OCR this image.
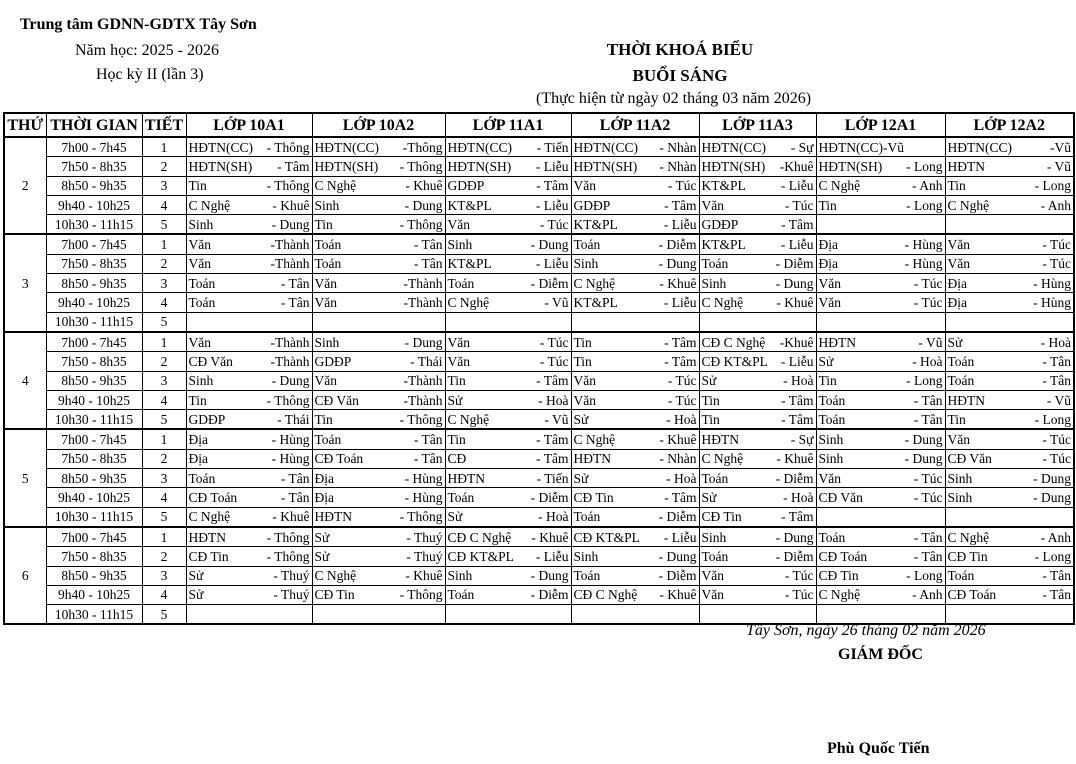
Trung tâm GDNN-GDTX Tây Sơn
Năm học: 2025 - 2026
Học kỳ II (lần 3)
THỜI KHOÁ BIỂU
BUỔI SÁNG
(Thực hiện từ ngày 02 tháng 03 năm 2026)
THỨ	THỜI GIAN	TIẾT	LỚP 10A1	LỚP 10A2	LỚP 11A1	LỚP 11A2	LỚP 11A3	LỚP 12A1	LỚP 12A2
2	7h00 - 7h45	1	HĐTN(CC) - Thông	HĐTN(CC) -Thông	HĐTN(CC) - Tiến	HĐTN(CC) - Nhàn	HĐTN(CC) - Sự	HĐTN(CC)-Vũ	HĐTN(CC) -Vũ

	7h50 - 8h35	2	HĐTN(SH) - Tâm	HĐTN(SH) - Thông	HĐTN(SH) - Liễu	HĐTN(SH) - Nhàn	HĐTN(SH) -Khuê	HĐTN(SH) - Long	HĐTN - Vũ

	8h50 - 9h35	3	Tin - Thông	C Nghệ - Khuê	GDĐP - Tâm	Văn - Túc	KT&PL - Liễu	C Nghệ - Anh	Tin - Long

	9h40 - 10h25	4	C Nghệ - Khuê	Sinh - Dung	KT&PL - Liễu	GDĐP - Tâm	Văn - Túc	Tin - Long	C Nghệ - Anh

	10h30 - 11h15	5	Sinh - Dung	Tin - Thông	Văn - Túc	KT&PL - Liễu	GDĐP - Tâm		

3	7h00 - 7h45	1	Văn -Thành	Toán - Tân	Sinh - Dung	Toán - Diễm	KT&PL - Liễu	Địa - Hùng	Văn - Túc

	7h50 - 8h35	2	Văn -Thành	Toán - Tân	KT&PL - Liễu	Sinh - Dung	Toán - Diễm	Địa - Hùng	Văn - Túc

	8h50 - 9h35	3	Toán - Tân	Văn -Thành	Toán - Diễm	C Nghệ - Khuê	Sinh - Dung	Văn - Túc	Địa - Hùng

	9h40 - 10h25	4	Toán - Tân	Văn -Thành	C Nghệ - Vũ	KT&PL - Liễu	C Nghệ - Khuê	Văn - Túc	Địa - Hùng

	10h30 - 11h15	5	

4	7h00 - 7h45	1	Văn -Thành	Sinh - Dung	Văn - Túc	Tin - Tâm	CĐ C Nghệ -Khuê	HĐTN - Vũ	Sử - Hoà

	7h50 - 8h35	2	CĐ Văn -Thành	GDĐP - Thái	Văn - Túc	Tin - Tâm	CĐ KT&PL - Liễu	Sử - Hoà	Toán - Tân

	8h50 - 9h35	3	Sinh - Dung	Văn -Thành	Tin - Tâm	Văn - Túc	Sử - Hoà	Tin - Long	Toán - Tân

	9h40 - 10h25	4	Tin - Thông	CĐ Văn -Thành	Sử - Hoà	Văn - Túc	Tin - Tâm	Toán - Tân	HĐTN - Vũ

	10h30 - 11h15	5	GDĐP - Thái	Tin - Thông	C Nghệ - Vũ	Sử - Hoà	Tin - Tâm	Toán - Tân	Tin - Long

5	7h00 - 7h45	1	Địa - Hùng	Toán - Tân	Tin - Tâm	C Nghệ - Khuê	HĐTN - Sự	Sinh - Dung	Văn - Túc

	7h50 - 8h35	2	Địa - Hùng	CĐ Toán - Tân	CĐ - Tâm	HĐTN - Nhàn	C Nghệ - Khuê	Sinh - Dung	CĐ Văn - Túc

	8h50 - 9h35	3	Toán - Tân	Địa - Hùng	HĐTN - Tiến	Sử - Hoà	Toán - Diễm	Văn - Túc	Sinh - Dung

	9h40 - 10h25	4	CĐ Toán - Tân	Địa - Hùng	Toán - Diễm	CĐ Tin - Tâm	Sử - Hoà	CĐ Văn - Túc	Sinh - Dung

	10h30 - 11h15	5	C Nghệ - Khuê	HĐTN - Thông	Sử - Hoà	Toán - Diễm	CĐ Tin - Tâm		

6	7h00 - 7h45	1	HĐTN - Thông	Sử - Thuý	CĐ C Nghệ - Khuê	CĐ KT&PL - Liễu	Sinh - Dung	Toán - Tân	C Nghệ - Anh

	7h50 - 8h35	2	CĐ Tin - Thông	Sử - Thuý	CĐ KT&PL - Liễu	Sinh - Dung	Toán - Diễm	CĐ Toán - Tân	CĐ Tin - Long

	8h50 - 9h35	3	Sử - Thuý	C Nghệ - Khuê	Sinh - Dung	Toán - Diễm	Văn - Túc	CĐ Tin - Long	Toán - Tân

	9h40 - 10h25	4	Sử - Thuý	CĐ Tin - Thông	Toán - Diễm	CĐ C Nghệ - Khuê	Văn - Túc	C Nghệ - Anh	CĐ Toán - Tân

	10h30 - 11h15	5	

Tây Sơn, ngày 26 tháng 02 năm 2026
GIÁM ĐỐC
Phù Quốc Tiến
